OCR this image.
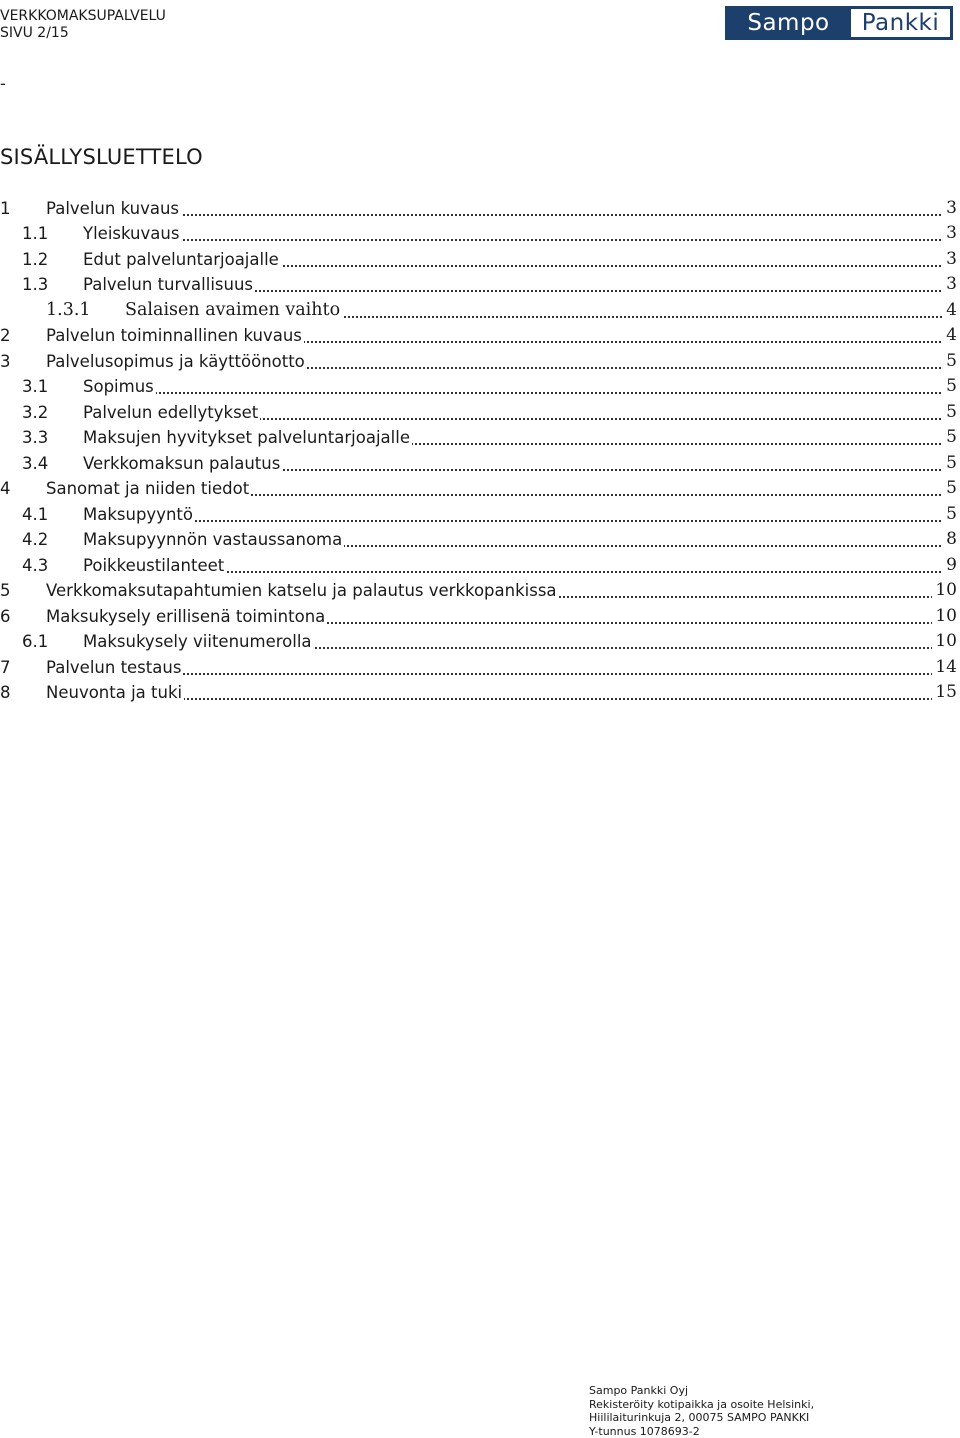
VERKKOMAKSUPALVELU
SIVU 2/15	Sampo	Pankki
-
SISÄLLYSLUETTELO
1 Palvelun kuvaus	3
1.1 Yleiskuvaus	3
1.2 Edut palveluntarjoajalle	3
1.3 Palvelun turvallisuus	3
1.3.1 Salaisen avaimen vaihto	4
2 Palvelun toiminnallinen kuvaus	4
3 Palvelusopimus ja käyttöönotto	5
3.1 Sopimus	5
3.2 Palvelun edellytykset	5
3.3 Maksujen hyvitykset palveluntarjoajalle	5
3.4 Verkkomaksun palautus	5
4 Sanomat ja niiden tiedot	5
4.1 Maksupyyntö	5
4.2 Maksupyynnön vastaussanoma	8
4.3 Poikkeustilanteet	9
5 Verkkomaksutapahtumien katselu ja palautus verkkopankissa	10
6 Maksukysely erillisenä toimintona	10
6.1 Maksukysely viitenumerolla	10
7 Palvelun testaus	14
8 Neuvonta ja tuki	15
Sampo Pankki Oyj
Rekisteröity kotipaikka ja osoite Helsinki,
Hiililaiturinkuja 2, 00075 SAMPO PANKKI
Y-tunnus 1078693-2
